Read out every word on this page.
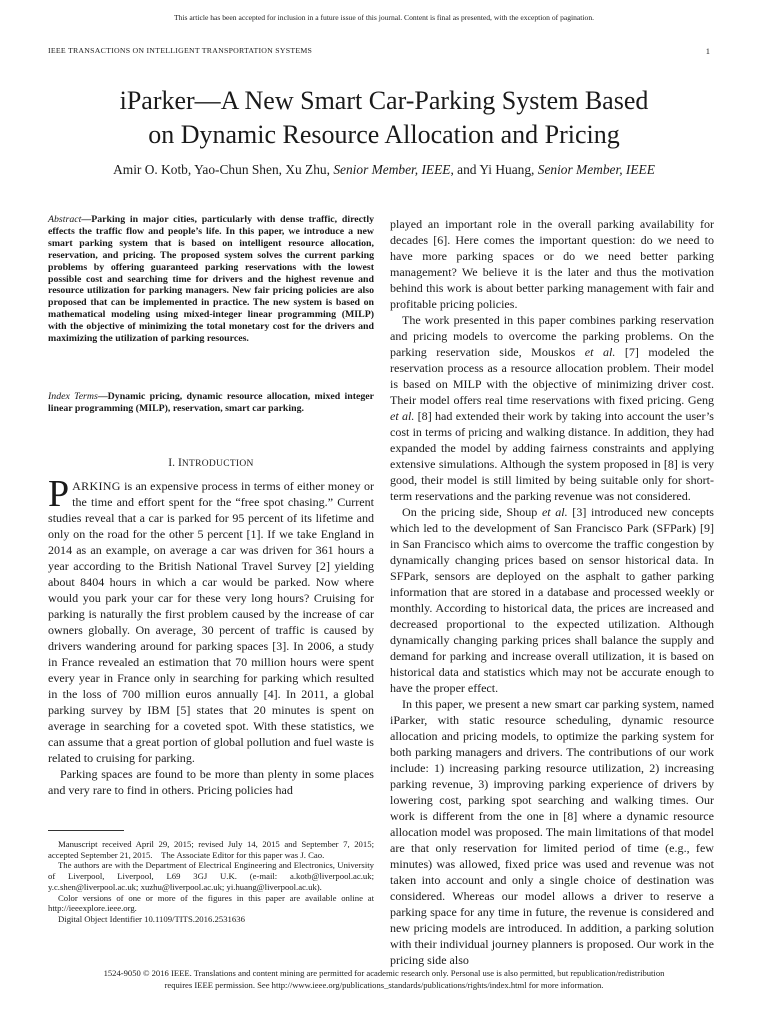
This article has been accepted for inclusion in a future issue of this journal. Content is final as presented, with the exception of pagination.
IEEE TRANSACTIONS ON INTELLIGENT TRANSPORTATION SYSTEMS	1
iParker—A New Smart Car-Parking System Based
on Dynamic Resource Allocation and Pricing
Amir O. Kotb, Yao-Chun Shen, Xu Zhu, Senior Member, IEEE, and Yi Huang, Senior Member, IEEE
Abstract—Parking in major cities, particularly with dense traffic, directly effects the traffic flow and people’s life. In this paper, we introduce a new smart parking system that is based on intelligent resource allocation, reservation, and pricing. The proposed system solves the current parking problems by offering guaranteed parking reservations with the lowest possible cost and searching time for drivers and the highest revenue and resource utilization for parking managers. New fair pricing policies are also proposed that can be implemented in practice. The new system is based on mathematical modeling using mixed-integer linear programming (MILP) with the objective of minimizing the total monetary cost for the drivers and maximizing the utilization of parking resources.
Index Terms—Dynamic pricing, dynamic resource allocation, mixed integer linear programming (MILP), reservation, smart car parking.
I. INTRODUCTION

PARKING is an expensive process in terms of either money or the time and effort spent for the “free spot chasing.” Current studies reveal that a car is parked for 95 percent of its lifetime and only on the road for the other 5 percent [1]. If we take England in 2014 as an example, on average a car was driven for 361 hours a year according to the British National Travel Survey [2] yielding about 8404 hours in which a car would be parked. Now where would you park your car for these very long hours? Cruising for parking is naturally the first problem caused by the increase of car owners globally. On average, 30 percent of traffic is caused by drivers wandering around for parking spaces [3]. In 2006, a study in France revealed an estimation that 70 million hours were spent every year in France only in searching for parking which resulted in the loss of 700 million euros annually [4]. In 2011, a global parking survey by IBM [5] states that 20 minutes is spent on average in searching for a coveted spot. With these statistics, we can assume that a great portion of global pollution and fuel waste is related to cruising for parking.

Parking spaces are found to be more than plenty in some places and very rare to find in others. Pricing policies had

Manuscript received April 29, 2015; revised July 14, 2015 and September 7, 2015; accepted September 21, 2015. The Associate Editor for this paper was J. Cao.

The authors are with the Department of Electrical Engineering and Electronics, University of Liverpool, Liverpool, L69 3GJ U.K. (e-mail: a.kotb@liverpool.ac.uk; y.c.shen@liverpool.ac.uk; xuzhu@liverpool.ac.uk; yi.huang@liverpool.ac.uk).

Color versions of one or more of the figures in this paper are available online at http://ieeexplore.ieee.org.

Digital Object Identifier 10.1109/TITS.2016.2531636

played an important role in the overall parking availability for decades [6]. Here comes the important question: do we need to have more parking spaces or do we need better parking management? We believe it is the later and thus the motivation behind this work is about better parking management with fair and profitable pricing policies.

The work presented in this paper combines parking reservation and pricing models to overcome the parking problems. On the parking reservation side, Mouskos et al. [7] modeled the reservation process as a resource allocation problem. Their model is based on MILP with the objective of minimizing driver cost. Their model offers real time reservations with fixed pricing. Geng et al. [8] had extended their work by taking into account the user’s cost in terms of pricing and walking distance. In addition, they had expanded the model by adding fairness constraints and applying extensive simulations. Although the system proposed in [8] is very good, their model is still limited by being suitable only for short-term reservations and the parking revenue was not considered.

On the pricing side, Shoup et al. [3] introduced new concepts which led to the development of San Francisco Park (SFPark) [9] in San Francisco which aims to overcome the traffic congestion by dynamically changing prices based on sensor historical data. In SFPark, sensors are deployed on the asphalt to gather parking information that are stored in a database and processed weekly or monthly. According to historical data, the prices are increased and decreased proportional to the expected utilization. Although dynamically changing parking prices shall balance the supply and demand for parking and increase overall utilization, it is based on historical data and statistics which may not be accurate enough to have the proper effect.

In this paper, we present a new smart car parking system, named iParker, with static resource scheduling, dynamic resource allocation and pricing models, to optimize the parking system for both parking managers and drivers. The contributions of our work include: 1) increasing parking resource utilization, 2) increasing parking revenue, 3) improving parking experience of drivers by lowering cost, parking spot searching and walking times. Our work is different from the one in [8] where a dynamic resource allocation model was proposed. The main limitations of that model are that only reservation for limited period of time (e.g., few minutes) was allowed, fixed price was used and revenue was not taken into account and only a single choice of destination was considered. Whereas our model allows a driver to reserve a parking space for any time in future, the revenue is considered and new pricing models are introduced. In addition, a parking solution with their individual journey planners is proposed. Our work in the pricing side also

1524-9050 © 2016 IEEE. Translations and content mining are permitted for academic research only. Personal use is also permitted, but republication/redistribution
requires IEEE permission. See http://www.ieee.org/publications_standards/publications/rights/index.html for more information.
